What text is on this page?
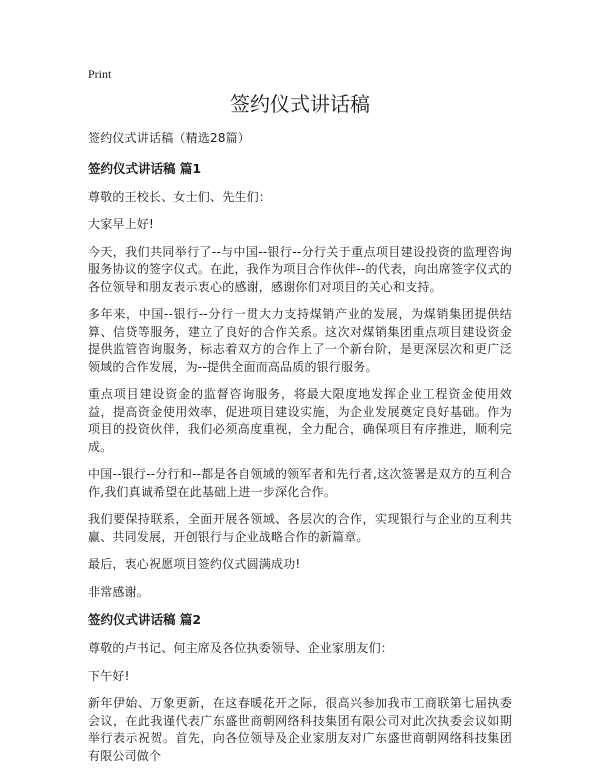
Print
签约仪式讲话稿

签约仪式讲话稿（精选28篇）

签约仪式讲话稿 篇1

尊敬的王校长、女士们、先生们：

大家早上好!

今天，我们共同举行了--与中国--银行--分行关于重点项目建设投资的监理咨询服务协议的签字仪式。在此，我作为项目合作伙伴--的代表，向出席签字仪式的各位领导和朋友表示衷心的感谢，感谢你们对项目的关心和支持。

多年来，中国--银行--分行一贯大力支持煤销产业的发展，为煤销集团提供结算、信贷等服务，建立了良好的合作关系。这次对煤销集团重点项目建设资金提供监管咨询服务，标志着双方的合作上了一个新台阶，是更深层次和更广泛领域的合作发展，为--提供全面而高品质的银行服务。

重点项目建设资金的监督咨询服务，将最大限度地发挥企业工程资金使用效益，提高资金使用效率，促进项目建设实施，为企业发展奠定良好基础。作为项目的投资伙伴，我们必须高度重视，全力配合，确保项目有序推进，顺利完成。

中国--银行--分行和--都是各自领域的领军者和先行者,这次签署是双方的互利合作,我们真诚希望在此基础上进一步深化合作。

我们要保持联系，全面开展各领域、各层次的合作，实现银行与企业的互利共赢、共同发展，开创银行与企业战略合作的新篇章。

最后，衷心祝愿项目签约仪式圆满成功!

非常感谢。

签约仪式讲话稿 篇2

尊敬的卢书记、何主席及各位执委领导、企业家朋友们：

下午好!

新年伊始、万象更新，在这春暖花开之际，很高兴参加我市工商联第七届执委会议，在此我谨代表广东盛世商朝网络科技集团有限公司对此次执委会议如期举行表示祝贺。首先，向各位领导及企业家朋友对广东盛世商朝网络科技集团有限公司做个
